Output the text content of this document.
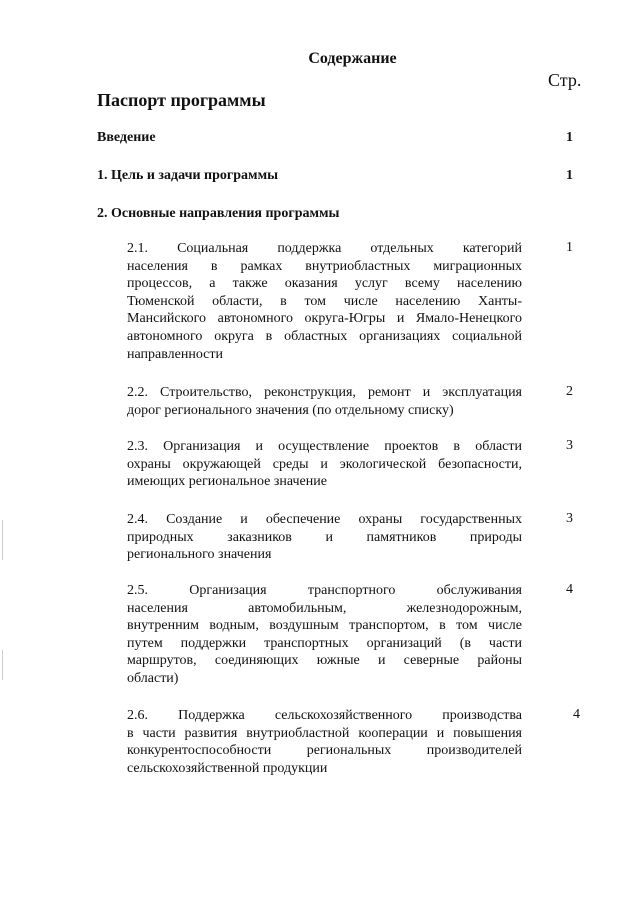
Содержание
Стр.
Паспорт программы
Введение	1
1. Цель и задачи программы	1
2. Основные направления программы
2.1. Социальная поддержка отдельных категорий
населения в рамках внутриобластных миграционных
процессов, а также оказания услуг всему населению
Тюменской области, в том числе населению Ханты-
Мансийского автономного округа-Югры и Ямало-Ненецкого
автономного округа в областных организациях социальной
направленности
1
2.2. Строительство, реконструкция, ремонт и эксплуатация
дорог регионального значения (по отдельному списку)
2
2.3. Организация и осуществление проектов в области
охраны окружающей среды и экологической безопасности,
имеющих региональное значение
3
2.4. Создание и обеспечение охраны государственных
природных заказников и памятников природы
регионального значения
3
2.5. Организация транспортного обслуживания
населения автомобильным, железнодорожным,
внутренним водным, воздушным транспортом, в том числе
путем поддержки транспортных организаций (в части
маршрутов, соединяющих южные и северные районы
области)
4
2.6. Поддержка сельскохозяйственного производства
в части развития внутриобластной кооперации и повышения
конкурентоспособности региональных производителей
сельскохозяйственной продукции
4
